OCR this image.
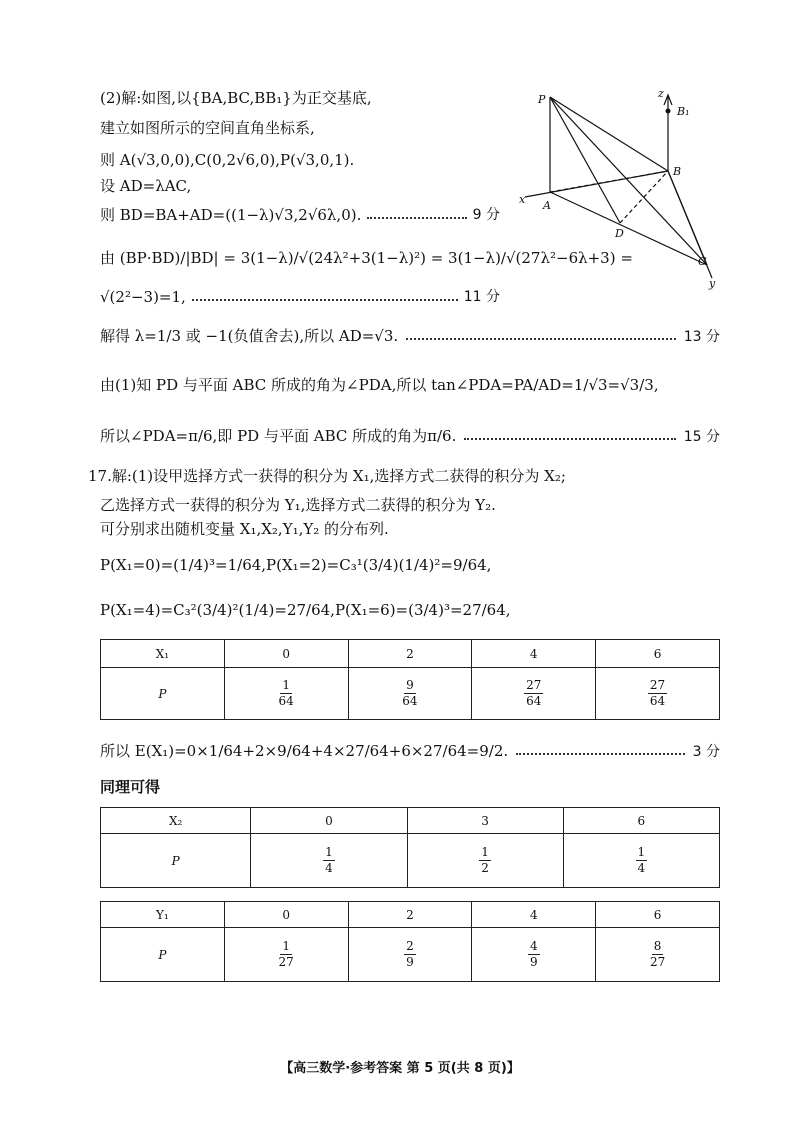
(2)解:如图,以{BA,BC,BB₁}为正交基底,
建立如图所示的空间直角坐标系,
则 A(√3,0,0),C(0,2√6,0),P(√3,0,1).
设 AD=λAC,
则 BD=BA+AD=((1−λ)√3,2√6λ,0).	9 分
由 (BP·BD)/|BD| = 3(1−λ)/√(24λ²+3(1−λ)²) = 3(1−λ)/√(27λ²−6λ+3) =
√(2²−3)=1,	11 分
解得 λ=1/3 或 −1(负值舍去),所以 AD=√3.	13 分
由(1)知 PD 与平面 ABC 所成的角为∠PDA,所以 tan∠PDA=PA/AD=1/√3=√3/3,
所以∠PDA=π/6,即 PD 与平面 ABC 所成的角为π/6.	15 分
P	z
B₁
B
x A
D
C
y
17.解:(1)设甲选择方式一获得的积分为 X₁,选择方式二获得的积分为 X₂;
乙选择方式一获得的积分为 Y₁,选择方式二获得的积分为 Y₂.
可分别求出随机变量 X₁,X₂,Y₁,Y₂ 的分布列.
P(X₁=0)=(1/4)³=1/64,P(X₁=2)=C₃¹(3/4)(1/4)²=9/64,
P(X₁=4)=C₃²(3/4)²(1/4)=27/64,P(X₁=6)=(3/4)³=27/64,
X₁	0	2	4	6
P	$\frac{1}{64}$	$\frac{9}{64}$	$\frac{27}{64}$	$\frac{27}{64}$
所以 E(X₁)=0×1/64+2×9/64+4×27/64+6×27/64=9/2.	3 分
同理可得
X₂	0	3	6
P	$\frac{1}{4}$	$\frac{1}{2}$	$\frac{1}{4}$
Y₁	0	2	4	6
P	$\frac{1}{27}$	$\frac{2}{9}$	$\frac{4}{9}$	$\frac{8}{27}$
【高三数学·参考答案 第 5 页(共 8 页)】
